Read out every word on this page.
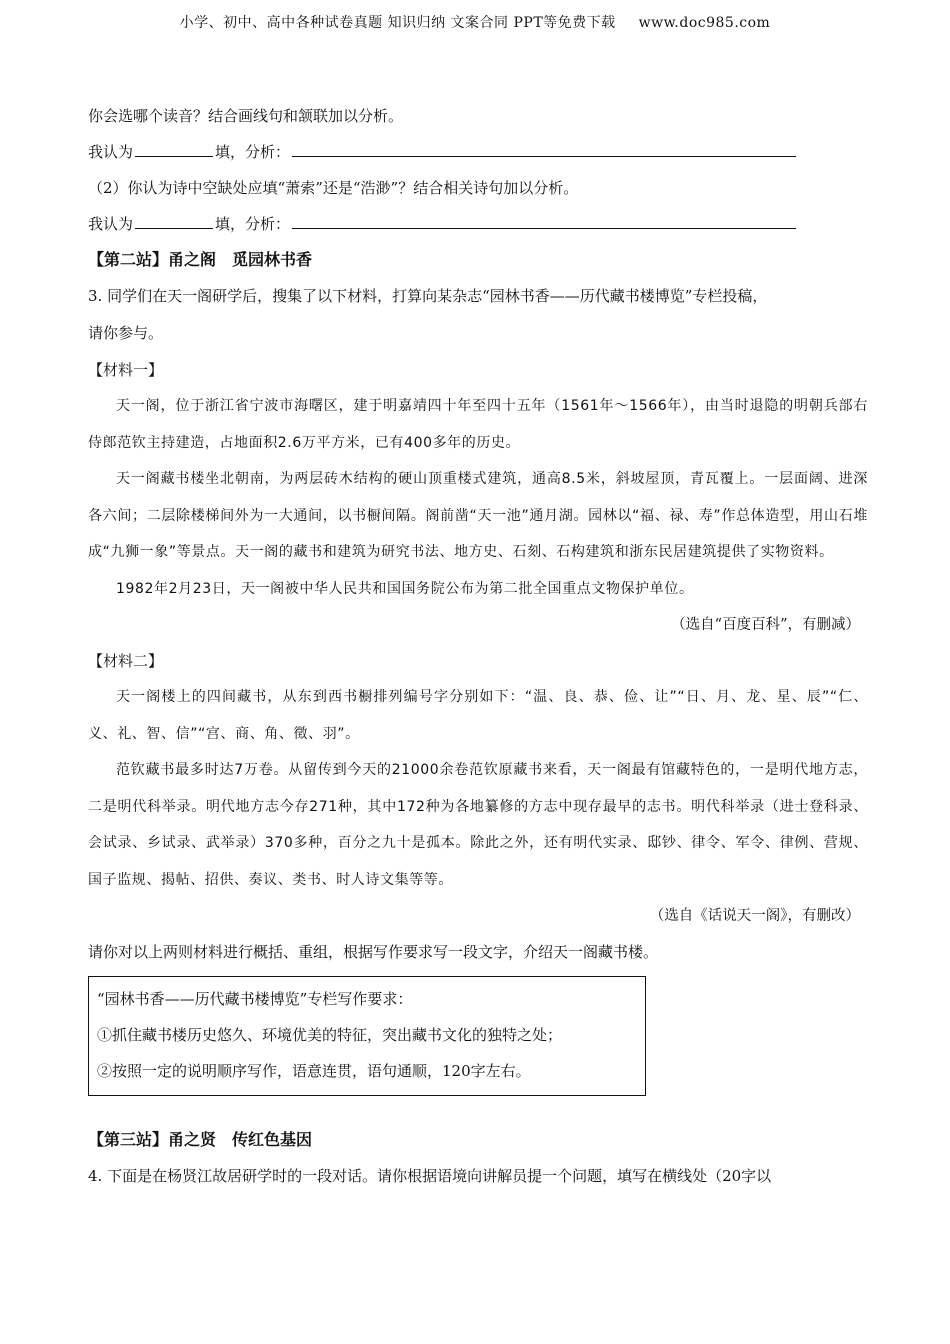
小学、初中、高中各种试卷真题 知识归纳 文案合同 PPT等免费下载 www.doc985.com

你会选哪个读音？结合画线句和颔联加以分析。

我认为	填，分析：

（2）你认为诗中空缺处应填“萧索”还是“浩渺”？结合相关诗句加以分析。

我认为	填，分析：

【第二站】甬之阁　觅园林书香

3. 同学们在天一阁研学后，搜集了以下材料，打算向某杂志“园林书香——历代藏书楼博览”专栏投稿，

请你参与。

【材料一】

天一阁，位于浙江省宁波市海曙区，建于明嘉靖四十年至四十五年（1561年～1566年），由当时退隐的明朝兵部右侍郎范钦主持建造，占地面积2.6万平方米，已有400多年的历史。

天一阁藏书楼坐北朝南，为两层砖木结构的硬山顶重楼式建筑，通高8.5米，斜坡屋顶，青瓦覆上。一层面阔、进深各六间；二层除楼梯间外为一大通间，以书橱间隔。阁前凿“天一池”通月湖。园林以“福、禄、寿”作总体造型，用山石堆成“九狮一象”等景点。天一阁的藏书和建筑为研究书法、地方史、石刻、石构建筑和浙东民居建筑提供了实物资料。

1982年2月23日，天一阁被中华人民共和国国务院公布为第二批全国重点文物保护单位。

（选自“百度百科”，有删减）

【材料二】

天一阁楼上的四间藏书，从东到西书橱排列编号字分别如下：“温、良、恭、俭、让”“日、月、龙、星、辰”“仁、义、礼、智、信”“宫、商、角、徵、羽”。

范钦藏书最多时达7万卷。从留传到今天的21000余卷范钦原藏书来看，天一阁最有馆藏特色的，一是明代地方志，二是明代科举录。明代地方志今存271种，其中172种为各地纂修的方志中现存最早的志书。明代科举录（进士登科录、会试录、乡试录、武举录）370多种，百分之九十是孤本。除此之外，还有明代实录、邸钞、律令、军令、律例、营规、国子监规、揭帖、招供、奏议、类书、时人诗文集等等。

（选自《话说天一阁》，有删改）

请你对以上两则材料进行概括、重组，根据写作要求写一段文字，介绍天一阁藏书楼。

“园林书香——历代藏书楼博览”专栏写作要求：

①抓住藏书楼历史悠久、环境优美的特征，突出藏书文化的独特之处；

②按照一定的说明顺序写作，语意连贯，语句通顺，120字左右。

【第三站】甬之贤　传红色基因

4. 下面是在杨贤江故居研学时的一段对话。请你根据语境向讲解员提一个问题，填写在横线处（20字以
